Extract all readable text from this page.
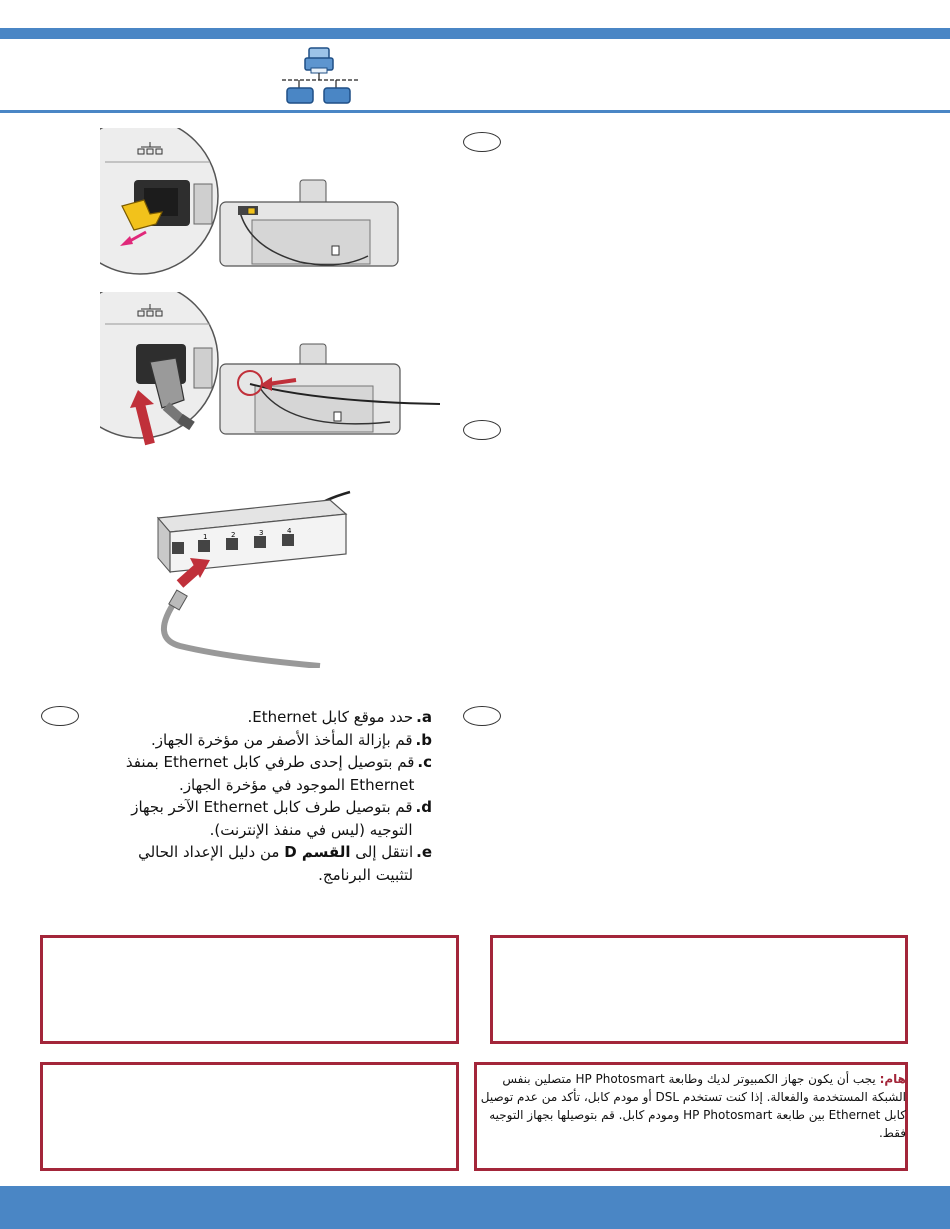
1	2	3	4
a.
حدد موقع كابل Ethernet.
b.
قم بإزالة المأخذ الأصفر من مؤخرة الجهاز.
c.
قم بتوصيل إحدى طرفي كابل Ethernet بمنفذ Ethernet الموجود في مؤخرة الجهاز.
d.
قم بتوصيل طرف كابل Ethernet الآخر بجهاز التوجيه (ليس في منفذ الإنترنت).
e.
انتقل إلى القسم D من دليل الإعداد الحالي لتثبيت البرنامج.
هام: يجب أن يكون جهاز الكمبيوتر لديك وطابعة HP Photosmart متصلين بنفس الشبكة المستخدمة والفعالة. إذا كنت تستخدم DSL أو مودم كابل، تأكد من عدم توصيل كابل Ethernet بين طابعة HP Photosmart ومودم كابل. قم بتوصيلها بجهاز التوجيه فقط.
